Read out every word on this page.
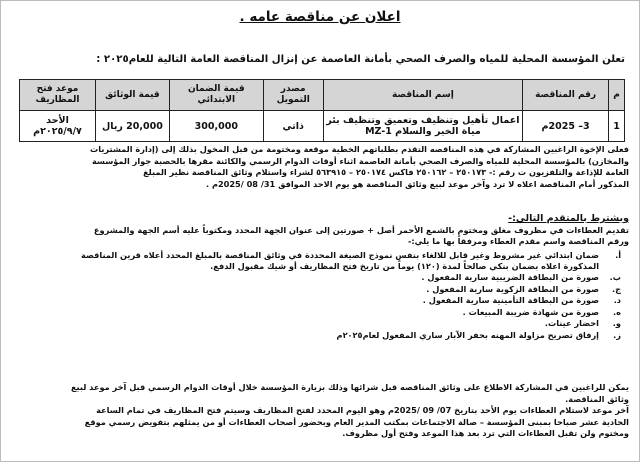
اعلان عن مناقصة عامه .
تعلن المؤسسة المحلية للمياه والصرف الصحي بأمانة العاصمة عن إنزال المناقصة العامة التالية للعام٢٠٢٥ :
م	رقم المناقصة	إسم المناقصة	مصدر التمويل	قيمة الضمان الابتدائي	قيمة الوثائق	موعد فتح المظاريف
1	3– 2025م	اعمال تأهيل وتنظيف وتعميق وتنظيف بئر مياة الخير والسلام MZ-1	ذاتي	300,000	20,000 ريال	الأحد ٢٠٢٥/٩/٧م

فعلى الإخوة الراغبين المشاركة في هذه المناقصه التقدم بطلباتهم الخطية موقعة ومختومة من قبل المخول بذلك إلى (إدارة المشتريات

والمخازن) بالمؤسسة المحلية للمياه والصرف الصحي بأمانة العاصمة اثناء أوقات الدوام الرسمي والكائنة مقرها بالحصبة جوار المؤسسة

العامة للإذاعة والتلفزيون ت رقم :- ٢٥٠١٧٣ – ٢٥٠١٦٢ فاكس ٢٥٠١٧٤ – ٥٦٣٩١٥ لشراء واستلام وثائق المناقصة نظير المبلغ

المذكور أمام المناقصة اعلاه لا ترد وآخر موعد لبيع وثائق المناقصة هو يوم الاحد الموافق 31/ 08 /2025م .

ويشترط بالمتقدم التالي:-

تقديم العطاءات في مظروف مغلق ومختوم بالشمع الأحمر أصل + صورتين إلى عنوان الجهة المحدد ومكتوباً عليه أسم الجهة والمشروع

ورقم المناقصة واسم مقدم العطاء ومرفقاً بها ما يلي:-

أ.
ضمان ابتدائي غير مشروط وغير قابل للالغاء بنفس نموذج الصيغة المحددة في وثائق المناقصة بالمبلغ المحدد أعلاه قرين المناقصة
المذكورة اعلاه بضمان بنكي صالحاً لمدة (١٢٠) يوماً من تاريخ فتح المظاريف أو شيك مقبول الدفع.
ب.
صورة من البطاقة الضريبية سارية المفعول .
ج.
صورة من البطاقة الزكوية سارية المفعول .
د.
صورة من البطاقة التأمينية سارية المفعول .
ه.
صورة من شهادة ضريبة المبيعات .
و.
احضار عينات.
ز.
إرفاق تصريح مزاولة المهنه بحفر الآبار ساري المفعول لعام٢٠٢٥م

يمكن للراغبين في المشاركة الاطلاع على وثائق المناقصه قبل شرائها وذلك بزيارة المؤسسة خلال أوقات الدوام الرسمي قبل آخر موعد لبيع

وثائق المناقصة.

آخر موعد لاستلام العطاءات يوم الأحد بتاريخ 07/ 09 /2025م وهو اليوم المحدد لفتح المظاريف وسيتم فتح المظاريف في تمام الساعة

الحادية عشر صباحا بمبنى المؤسسة – صالة الاجتماعات بمكتب المدير العام وبحضور أصحاب العطاءات أو من يمثلهم بتفويض رسمي موقع

ومختوم ولن تقبل العطاءات التي ترد بعد هذا الموعد وفتح أول مظروف.
